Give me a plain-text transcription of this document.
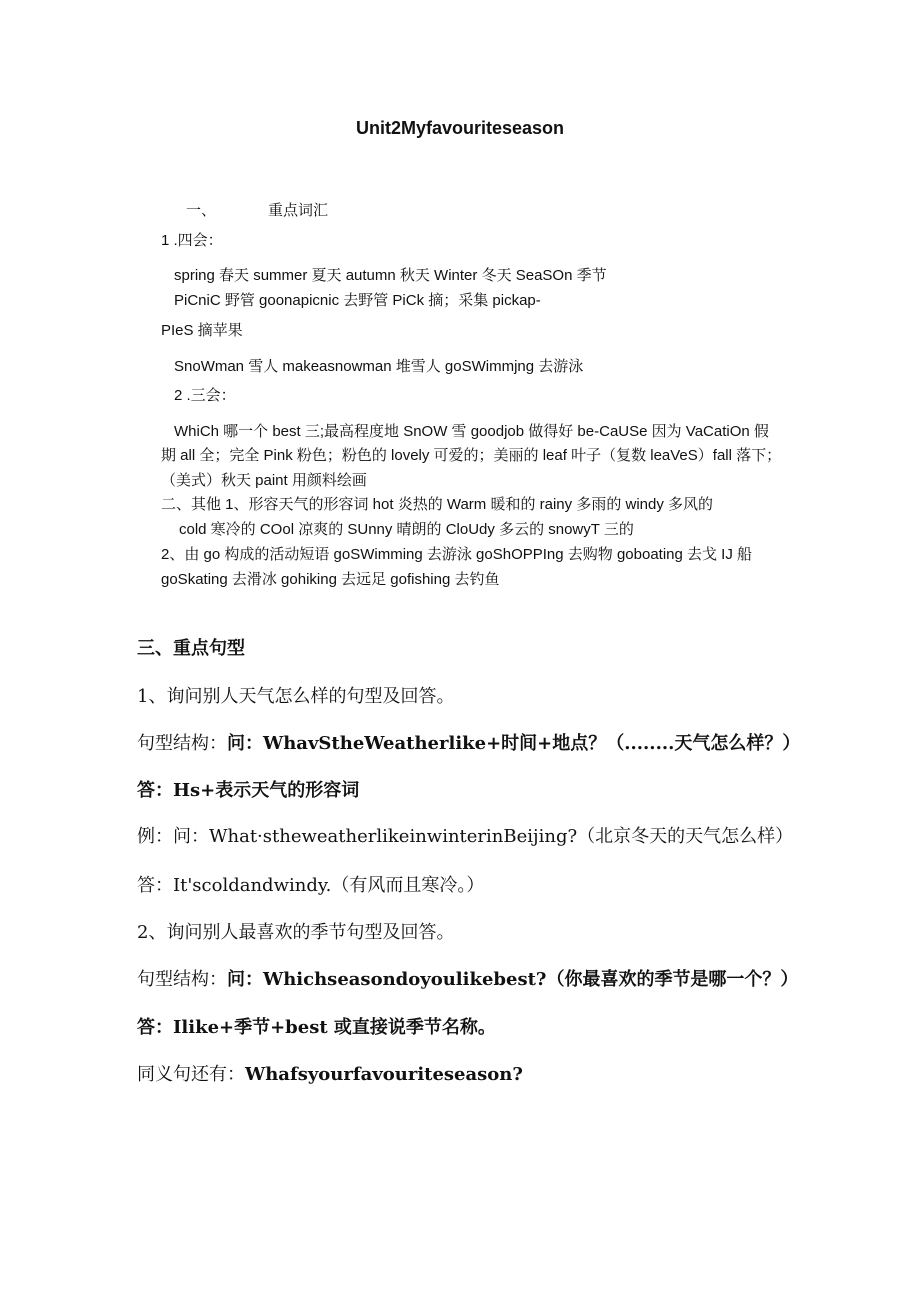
Unit2Myfavouriteseason
一、	重点词汇
1 .四会：
spring 春天 summer 夏天 autumn 秋天 Winter 冬天 SeaSOn 季节
PiCniC 野管 goonapicnic 去野管 PiCk 摘；采集 pickap-
PIeS 摘苹果
SnoWman 雪人 makeasnowman 堆雪人 goSWimmjng 去游泳
2 .三会：
WhiCh 哪一个 best 三;最高程度地 SnOW 雪 goodjob 做得好 be-CaUSe 因为 VaCatiOn 假
期 all 全；完全 Pink 粉色；粉色的 lovely 可爱的；美丽的 leaf 叶子（复数 leaVeS）fall 落下；
（美式）秋天 paint 用颜料绘画
二、其他 1、形容天气的形容词 hot 炎热的 Warm 暖和的 rainy 多雨的 windy 多风的
cold 寒冷的 COol 凉爽的 SUnny 晴朗的 CloUdy 多云的 snowyT 三的
2、由 go 构成的活动短语 goSWimming 去游泳 goShOPPIng 去购物 goboating 去戈 IJ 船
goSkating 去滑冰 gohiking 去远足 gofishing 去钓鱼
三、重点句型
1、询问别人天气怎么样的句型及回答。
句型结构：问：WhavStheWeatherlike+时间+地点？（........天气怎么样？）
答：Hs+表示天气的形容词
例：问：What·stheweatherlikeinwinterinBeijing?（北京冬天的天气怎么样）
答：It'scoldandwindy.（有风而且寒冷。）
2、询问别人最喜欢的季节句型及回答。
句型结构：问：Whichseasondoyoulikebest?（你最喜欢的季节是哪一个？）
答：Ilike+季节+best 或直接说季节名称。
同义句还有：Whafsyourfavouriteseason?
